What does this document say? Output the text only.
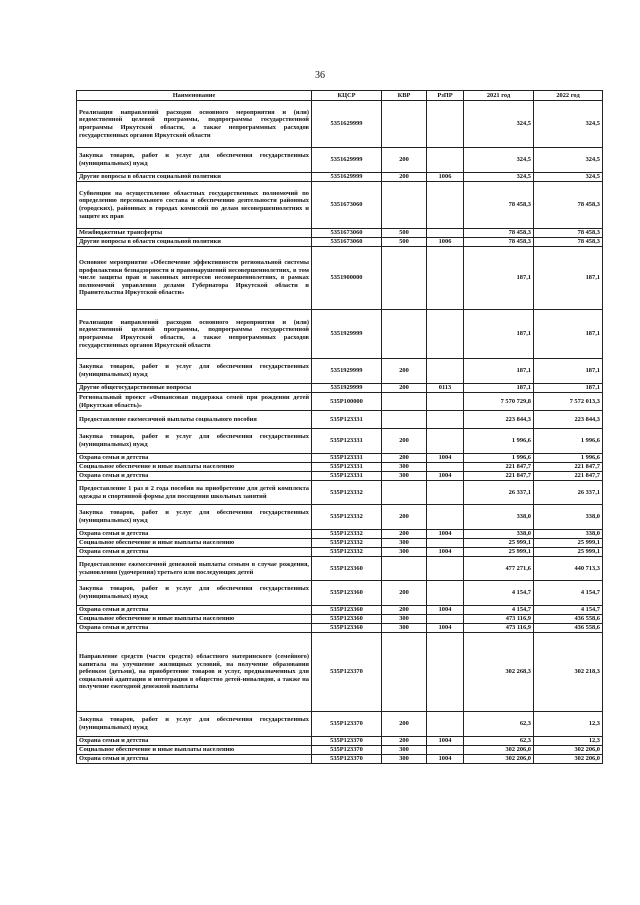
36
Наименование	КЦСР	КВР	РзПР	2021 год	2022 год
Реализация направлений расходов основного мероприятия и (или) ведомственной целевой программы, подпрограммы государственной программы Иркутской области, а также непрограммных расходов государственных органов Иркутской области	5351629999			324,5	324,5
Закупка товаров, работ и услуг для обеспечения государственных (муниципальных) нужд	5351629999	200		324,5	324,5
Другие вопросы в области социальной политики	5351629999	200	1006	324,5	324,5
Субвенции на осуществление областных государственных полномочий по определению персонального состава и обеспечению деятельности районных (городских), районных в городах комиссий по делам несовершеннолетних и защите их прав	5351673060			78 458,3	78 458,3
Межбюджетные трансферты	5351673060	500		78 458,3	78 458,3
Другие вопросы в области социальной политики	5351673060	500	1006	78 458,3	78 458,3
Основное мероприятие «Обеспечение эффективности региональной системы профилактики безнадзорности и правонарушений несовершеннолетних, в том числе защиты прав и законных интересов несовершеннолетних, в рамках полномочий управления делами Губернатора Иркутской области и Правительства Иркутской области»	5351900000			187,1	187,1
Реализация направлений расходов основного мероприятия и (или) ведомственной целевой программы, подпрограммы государственной программы Иркутской области, а также непрограммных расходов государственных органов Иркутской области	5351929999			187,1	187,1
Закупка товаров, работ и услуг для обеспечения государственных (муниципальных) нужд	5351929999	200		187,1	187,1
Другие общегосударственные вопросы	5351929999	200	0113	187,1	187,1
Региональный проект «Финансовая поддержка семей при рождении детей (Иркутская область)»	535P100000			7 570 729,8	7 572 013,3
Предоставление ежемесячной выплаты социального пособия	535P123331			223 844,3	223 844,3
Закупка товаров, работ и услуг для обеспечения государственных (муниципальных) нужд	535P123331	200		1 996,6	1 996,6
Охрана семьи и детства	535P123331	200	1004	1 996,6	1 996,6
Социальное обеспечение и иные выплаты населению	535P123331	300		221 847,7	221 847,7
Охрана семьи и детства	535P123331	300	1004	221 847,7	221 847,7
Предоставление 1 раз в 2 года пособия на приобретение для детей комплекта одежды и спортивной формы для посещения школьных занятий	535P123332			26 337,1	26 337,1
Закупка товаров, работ и услуг для обеспечения государственных (муниципальных) нужд	535P123332	200		338,0	338,0
Охрана семьи и детства	535P123332	200	1004	338,0	338,0
Социальное обеспечение и иные выплаты населению	535P123332	300		25 999,1	25 999,1
Охрана семьи и детства	535P123332	300	1004	25 999,1	25 999,1
Предоставление ежемесячной денежной выплаты семьям в случае рождения, усыновления (удочерения) третьего или последующих детей	535P123360			477 271,6	440 713,3
Закупка товаров, работ и услуг для обеспечения государственных (муниципальных) нужд	535P123360	200		4 154,7	4 154,7
Охрана семьи и детства	535P123360	200	1004	4 154,7	4 154,7
Социальное обеспечение и иные выплаты населению	535P123360	300		473 116,9	436 558,6
Охрана семьи и детства	535P123360	300	1004	473 116,9	436 558,6
Направление средств (части средств) областного материнского (семейного) капитала на улучшение жилищных условий, на получение образования ребенком (детьми), на приобретение товаров и услуг, предназначенных для социальной адаптации и интеграции в общество детей-инвалидов, а также на получение ежегодной денежной выплаты	535P123370			302 268,3	302 218,3
Закупка товаров, работ и услуг для обеспечения государственных (муниципальных) нужд	535P123370	200		62,3	12,3
Охрана семьи и детства	535P123370	200	1004	62,3	12,3
Социальное обеспечение и иные выплаты населению	535P123370	300		302 206,0	302 206,0
Охрана семьи и детства	535P123370	300	1004	302 206,0	302 206,0
